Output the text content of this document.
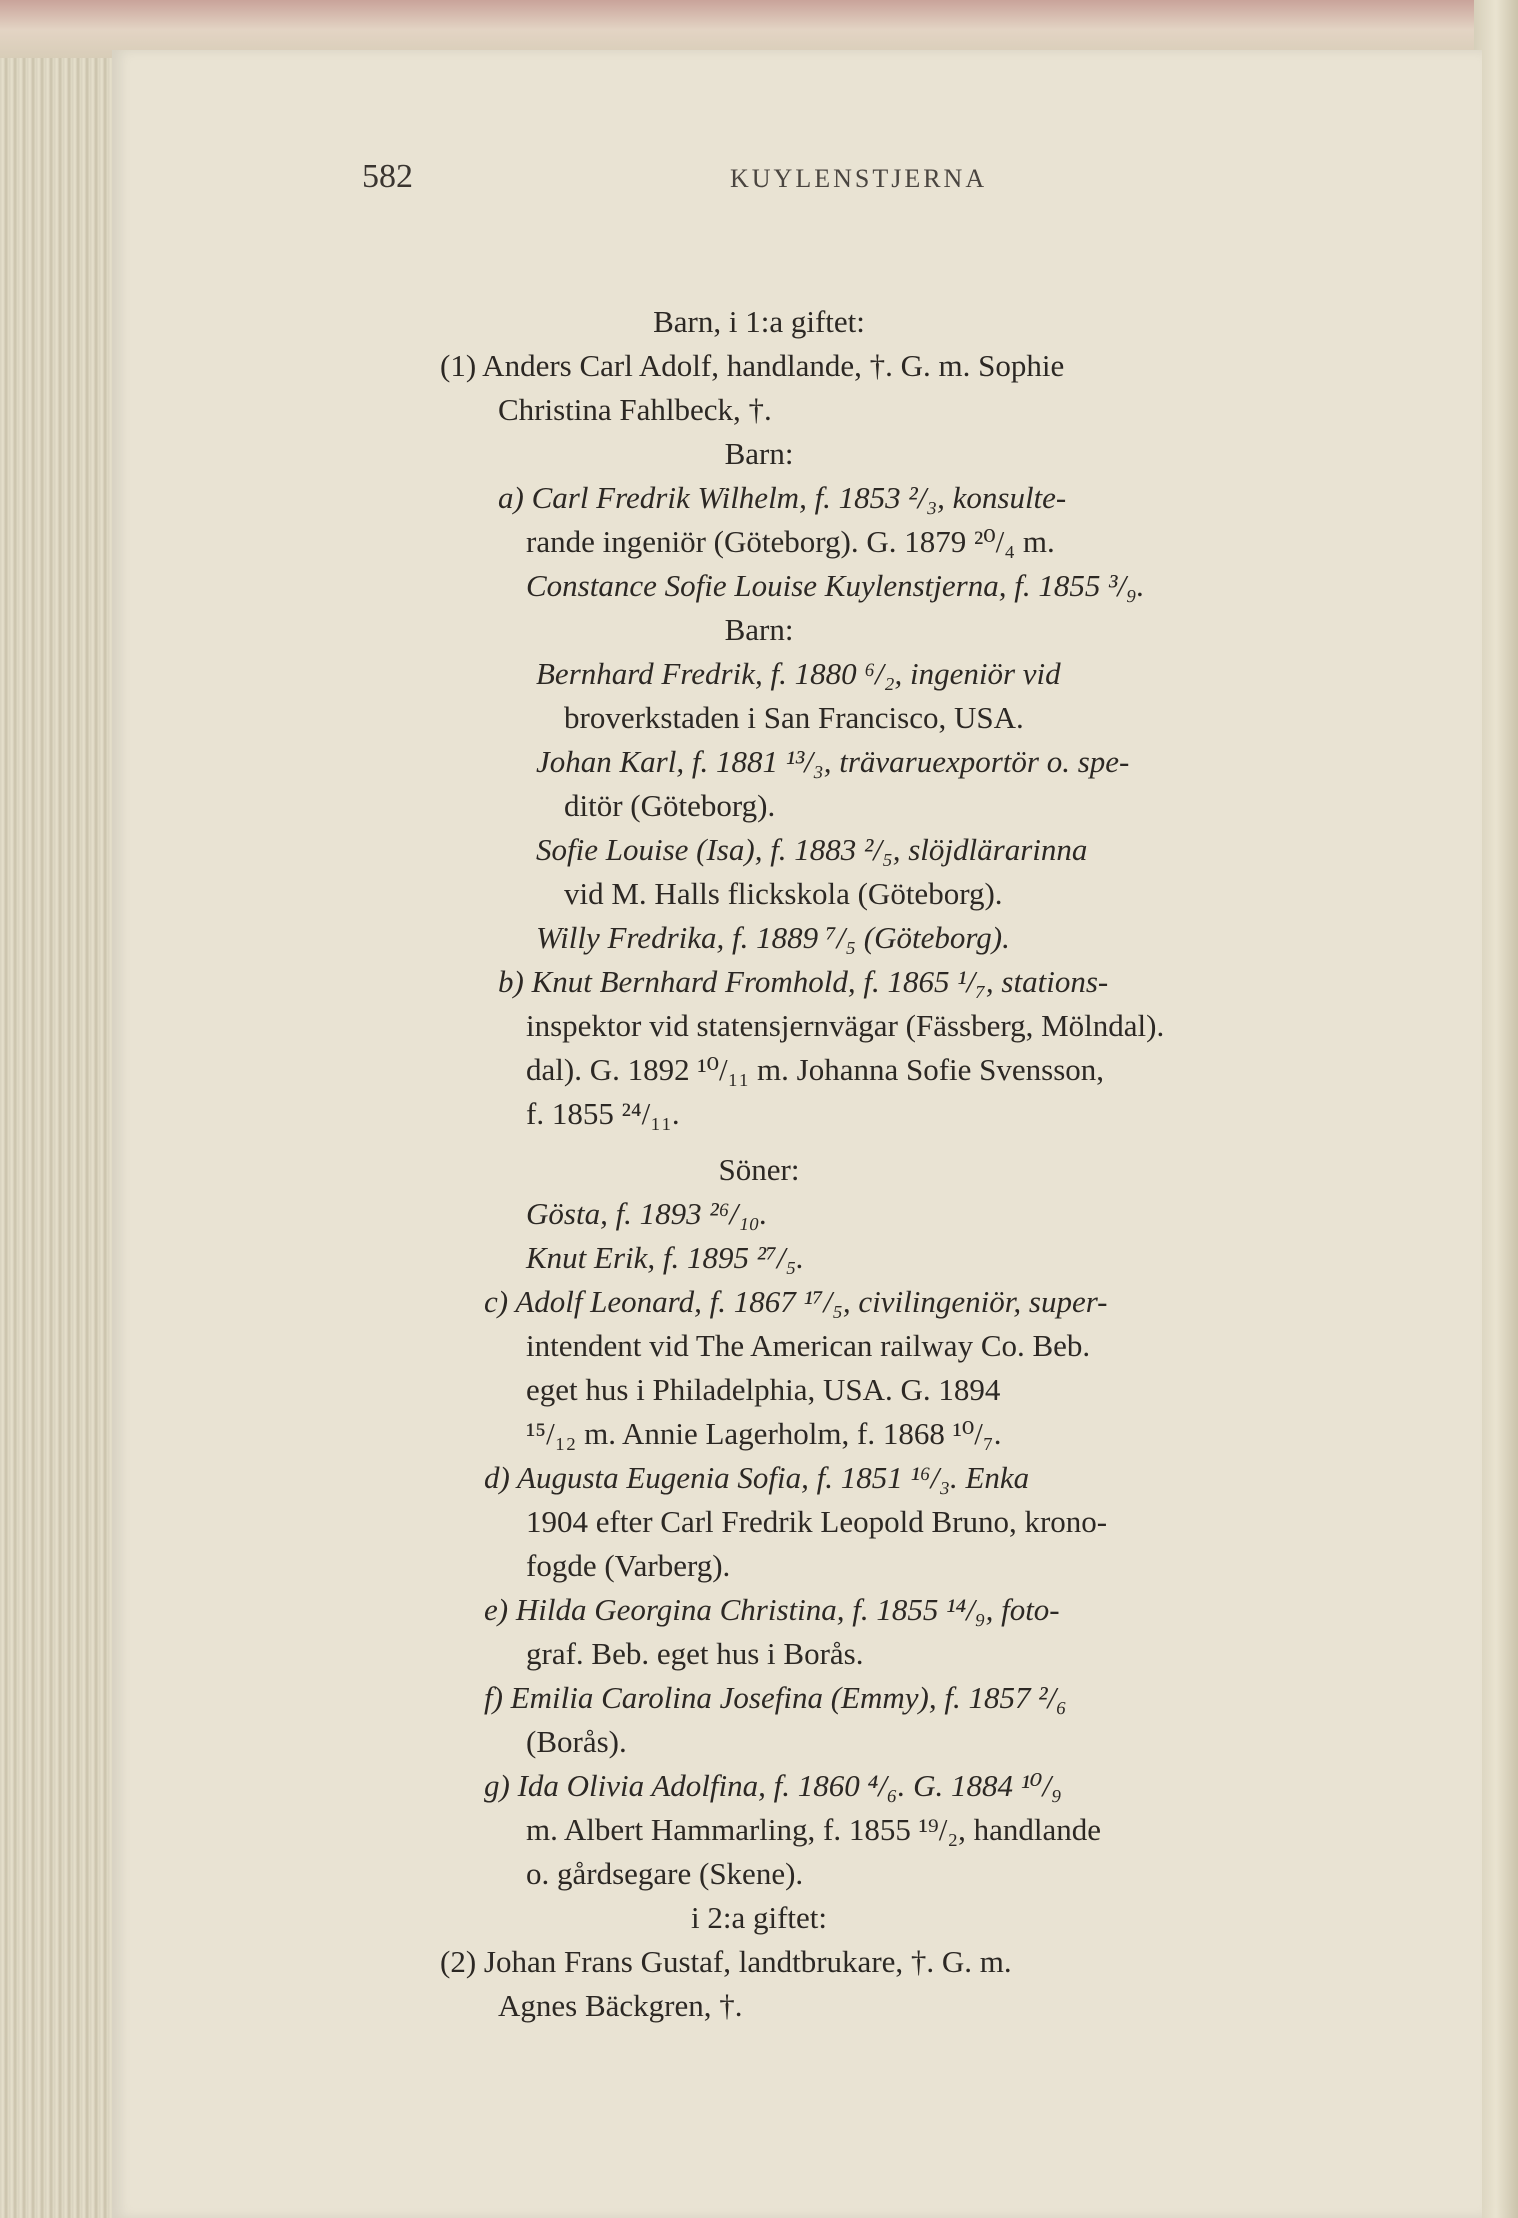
582	KUYLENSTJERNA
Barn, i 1:a giftet:
(1) Anders Carl Adolf, handlande, †. G. m. Sophie
Christina Fahlbeck, †.
Barn:
a) Carl Fredrik Wilhelm, f. 1853 ²/₃, konsulte-
rande ingeniör (Göteborg). G. 1879 ²⁰/₄ m.
Constance Sofie Louise Kuylenstjerna, f. 1855 ³/₉.
Barn:
Bernhard Fredrik, f. 1880 ⁶/₂, ingeniör vid
broverkstaden i San Francisco, USA.
Johan Karl, f. 1881 ¹³/₃, trävaruexportör o. spe-
ditör (Göteborg).
Sofie Louise (Isa), f. 1883 ²/₅, slöjdlärarinna
vid M. Halls flickskola (Göteborg).
Willy Fredrika, f. 1889 ⁷/₅ (Göteborg).
b) Knut Bernhard Fromhold, f. 1865 ¹/₇, stations-
inspektor vid statensjernvägar (Fässberg, Mölndal).
dal). G. 1892 ¹⁰/₁₁ m. Johanna Sofie Svensson,
f. 1855 ²⁴/₁₁.
Söner:
Gösta, f. 1893 ²⁶/₁₀.
Knut Erik, f. 1895 ²⁷/₅.
c) Adolf Leonard, f. 1867 ¹⁷/₅, civilingeniör, super-
intendent vid The American railway Co. Beb.
eget hus i Philadelphia, USA. G. 1894
¹⁵/₁₂ m. Annie Lagerholm, f. 1868 ¹⁰/₇.
d) Augusta Eugenia Sofia, f. 1851 ¹⁶/₃. Enka
1904 efter Carl Fredrik Leopold Bruno, krono-
fogde (Varberg).
e) Hilda Georgina Christina, f. 1855 ¹⁴/₉, foto-
graf. Beb. eget hus i Borås.
f) Emilia Carolina Josefina (Emmy), f. 1857 ²/₆
(Borås).
g) Ida Olivia Adolfina, f. 1860 ⁴/₆. G. 1884 ¹⁰/₉
m. Albert Hammarling, f. 1855 ¹⁹/₂, handlande
o. gårdsegare (Skene).
i 2:a giftet:
(2) Johan Frans Gustaf, landtbrukare, †. G. m.
Agnes Bäckgren, †.
